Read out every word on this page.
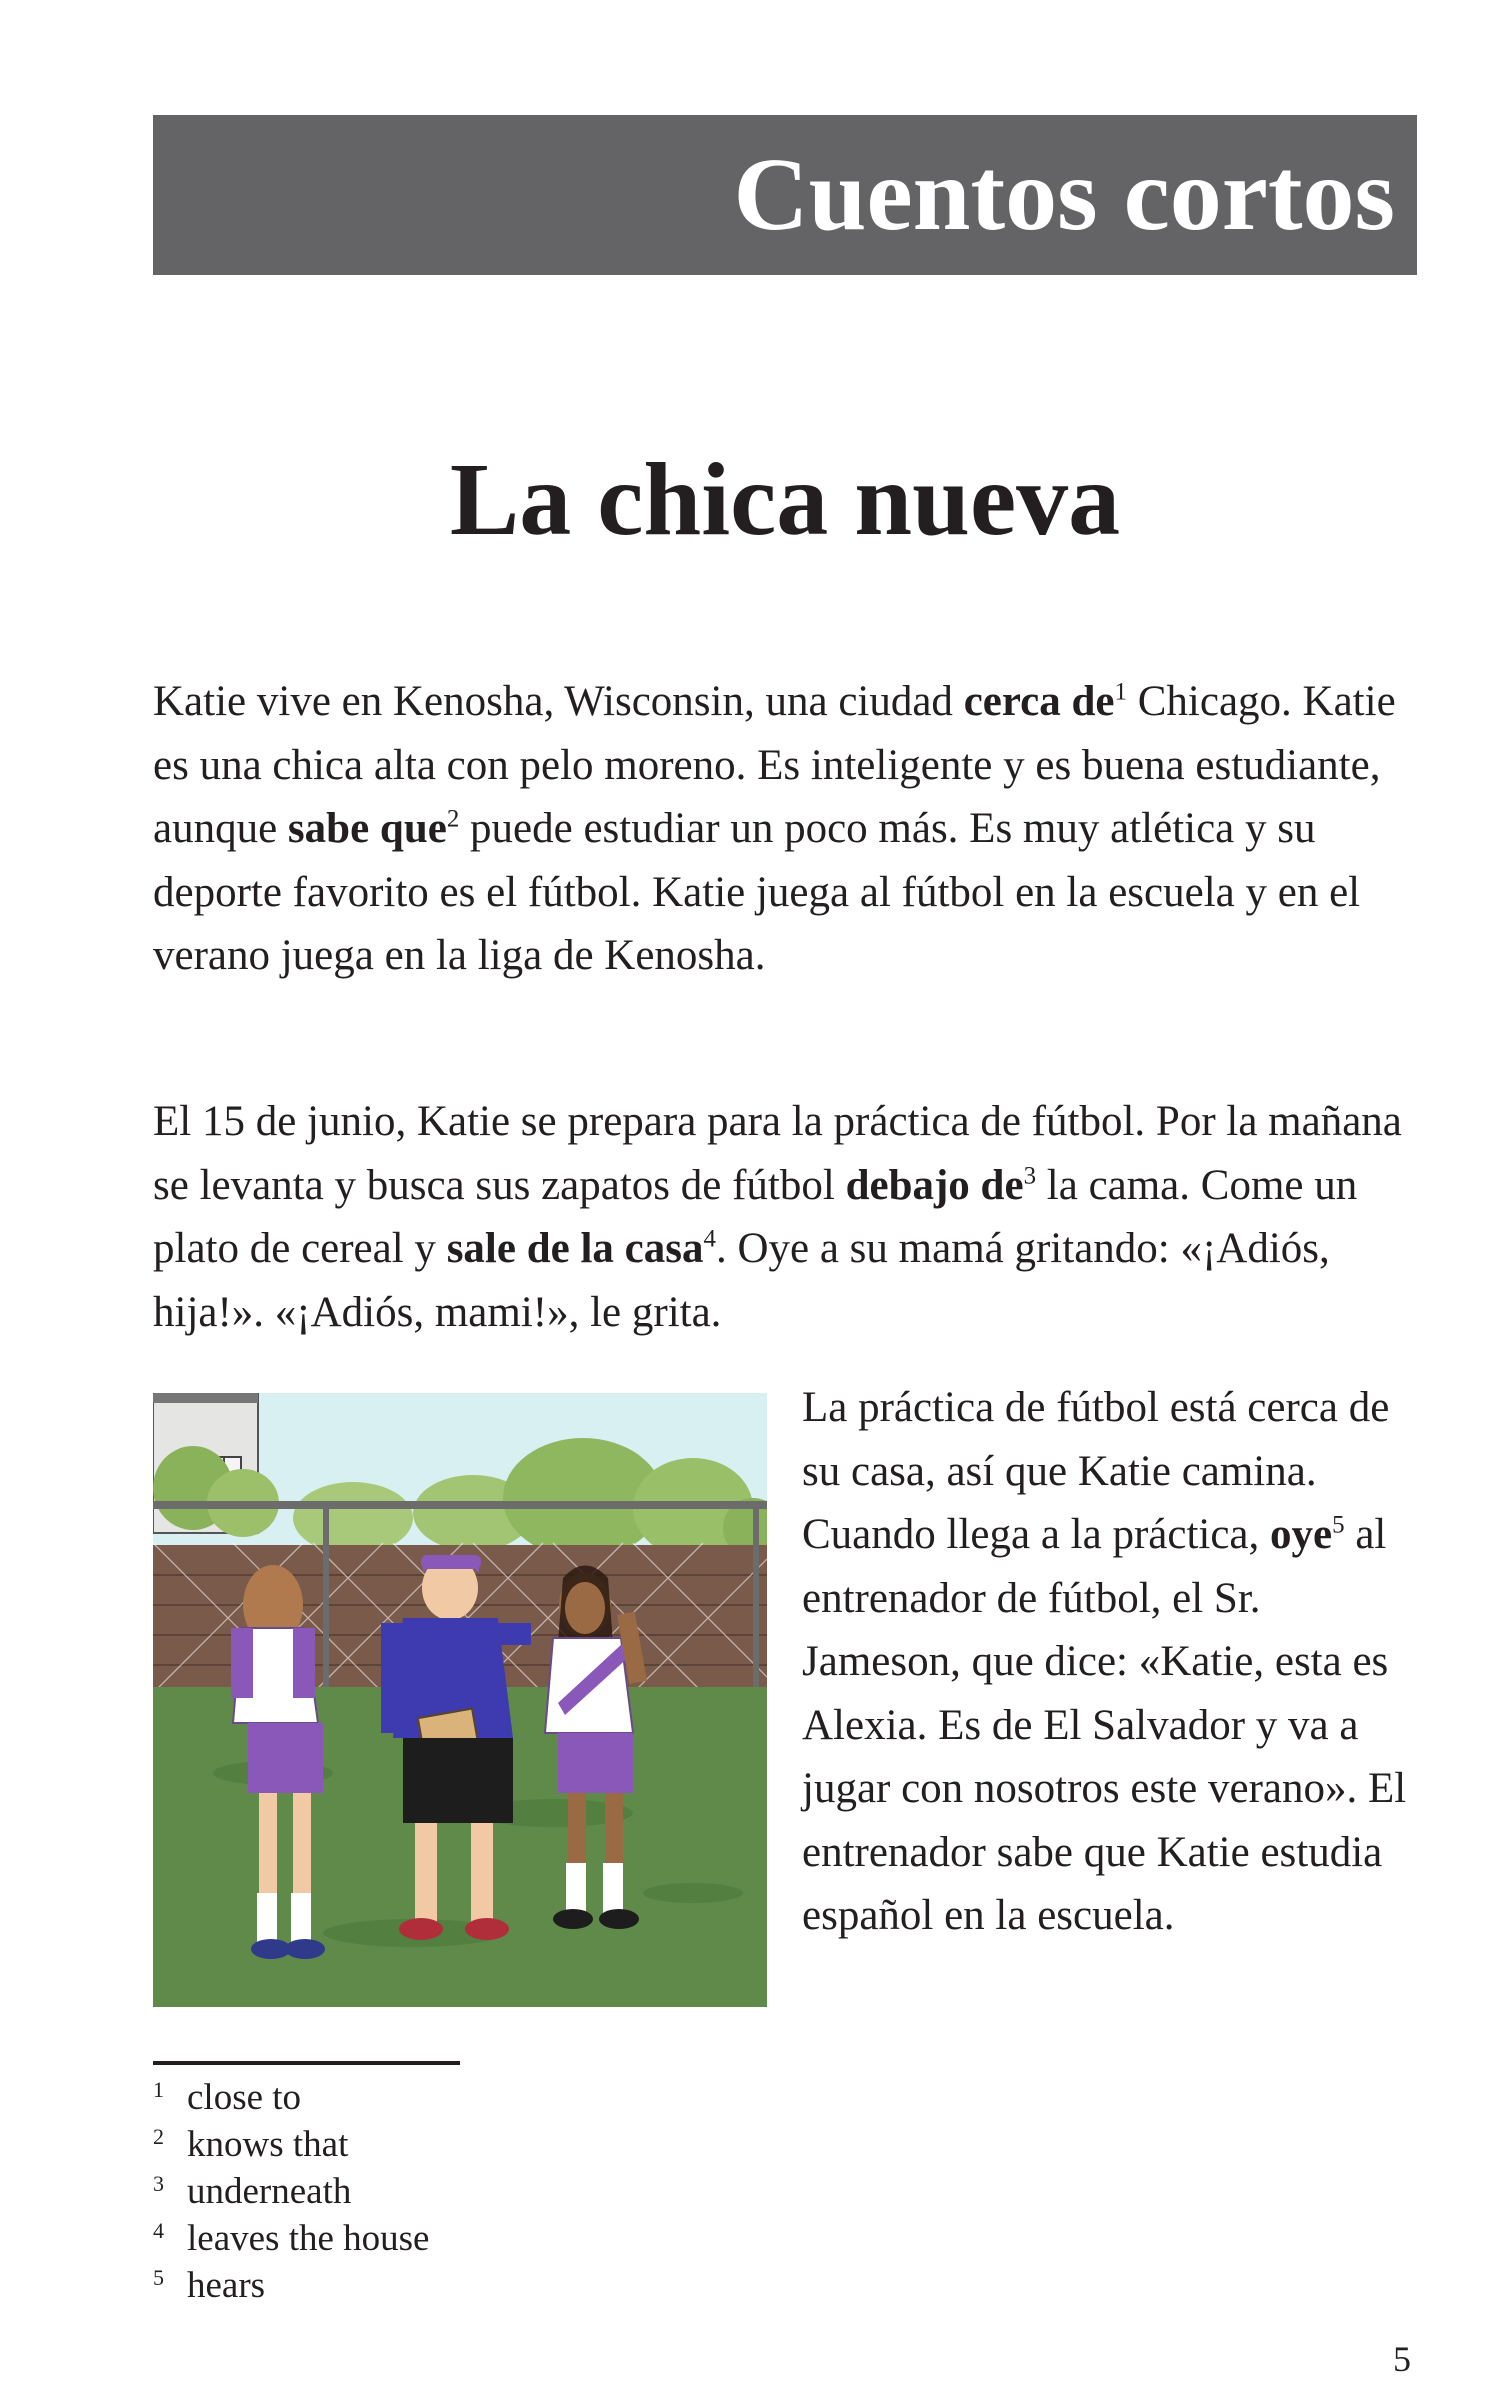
Cuentos cortos
La chica nueva

Katie vive en Kenosha, Wisconsin, una ciudad cerca $de^1$ Chicago. Katie es una chica alta con pelo moreno. Es inteligente y es buena estudiante, aunque sabe que$^2$ puede estudiar un poco más. Es muy atlética y su deporte favorito es el fútbol. Katie juega al fútbol en la escuela y en el verano juega en la liga de Kenosha.

El 15 de junio, Katie se prepara para la práctica de fútbol. Por la mañana se levanta y busca sus zapatos de fútbol debajo $de^3$ la cama. Come un plato de cereal y sale de la casa$^4$. Oye a su mamá gritando: «¡Adiós, hija!». «¡Adiós, mami!», le grita.

La práctica de fútbol está cerca de su casa, así que Katie camina. Cuando llega a la práctica, oye$^5$ al entrenador de fútbol, el Sr. Jameson, que dice: «Katie, esta es Alexia. Es de El Salvador y va a jugar con nosotros este verano». El entrenador sabe que Katie estudia español en la escuela.

1 close to
2 knows that
3 underneath
4 leaves the house
5 hears
5
